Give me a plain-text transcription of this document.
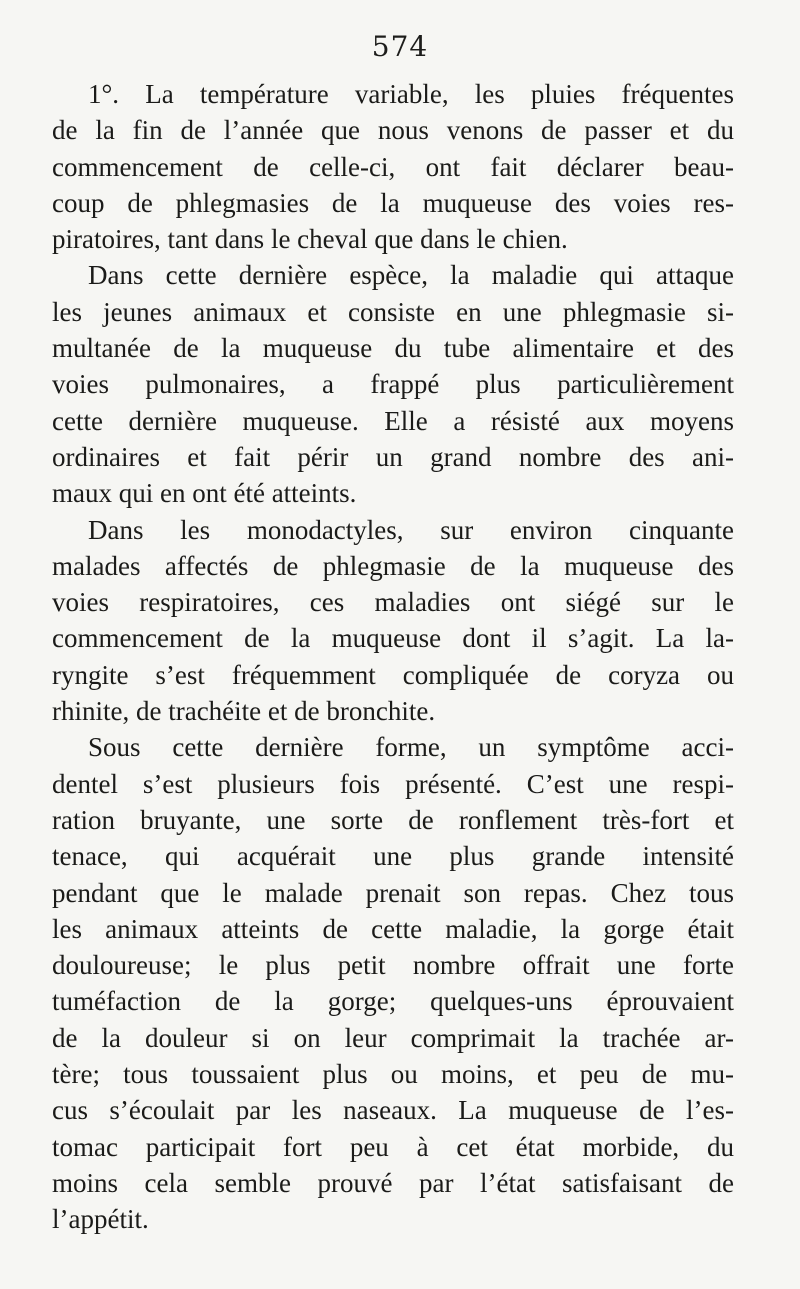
574
1°. La température variable, les pluies fréquentes
de la fin de l’année que nous venons de passer et du
commencement de celle-ci, ont fait déclarer beau-
coup de phlegmasies de la muqueuse des voies res-
piratoires, tant dans le cheval que dans le chien.
Dans cette dernière espèce, la maladie qui attaque
les jeunes animaux et consiste en une phlegmasie si-
multanée de la muqueuse du tube alimentaire et des
voies pulmonaires, a frappé plus particulièrement
cette dernière muqueuse. Elle a résisté aux moyens
ordinaires et fait périr un grand nombre des ani-
maux qui en ont été atteints.
Dans les monodactyles, sur environ cinquante
malades affectés de phlegmasie de la muqueuse des
voies respiratoires, ces maladies ont siégé sur le
commencement de la muqueuse dont il s’agit. La la-
ryngite s’est fréquemment compliquée de coryza ou
rhinite, de trachéite et de bronchite.
Sous cette dernière forme, un symptôme acci-
dentel s’est plusieurs fois présenté. C’est une respi-
ration bruyante, une sorte de ronflement très-fort et
tenace, qui acquérait une plus grande intensité
pendant que le malade prenait son repas. Chez tous
les animaux atteints de cette maladie, la gorge était
douloureuse; le plus petit nombre offrait une forte
tuméfaction de la gorge; quelques-uns éprouvaient
de la douleur si on leur comprimait la trachée ar-
tère; tous toussaient plus ou moins, et peu de mu-
cus s’écoulait par les naseaux. La muqueuse de l’es-
tomac participait fort peu à cet état morbide, du
moins cela semble prouvé par l’état satisfaisant de
l’appétit.
